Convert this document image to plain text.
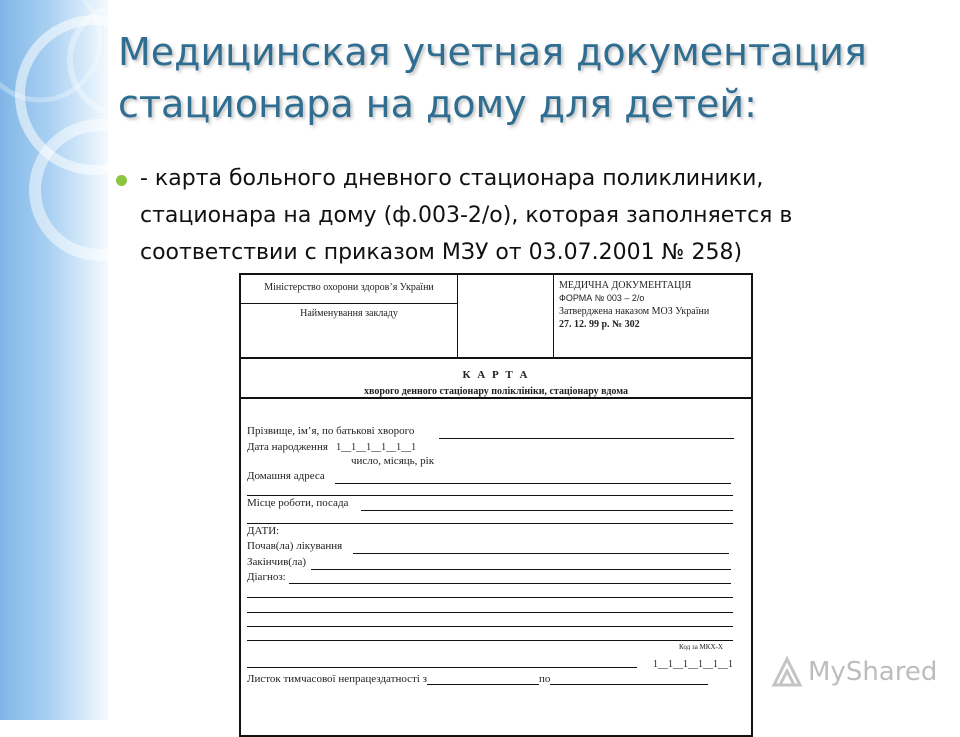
Медицинская учетная документация
стационара на дому для детей:
- карта больного дневного стационара поликлиники,
стационара на дому (ф.003-2/о), которая заполняется в
соответствии с приказом МЗУ от 03.07.2001 № 258)
Міністерство охорони здоров’я України
Найменування закладу
МЕДИЧНА ДОКУМЕНТАЦІЯ
ФОРМА № 003 – 2/о
Затверджена наказом МОЗ України
27. 12. 99 р. № 302
К А Р Т А
хворого денного стаціонару поліклініки, стаціонару вдома
Прізвище, ім’я, по батькові хворого
Дата народження 1__1__1__1__1__1
число, місяць, рік
Домашня адреса
Місце роботи, посада
ДАТИ:
Почав(ла) лікування
Закінчив(ла)
Діагноз:
Код за МКХ-Х
1__1__1__1__1__1
Листок тимчасової непрацездатності з	по	MyShared
